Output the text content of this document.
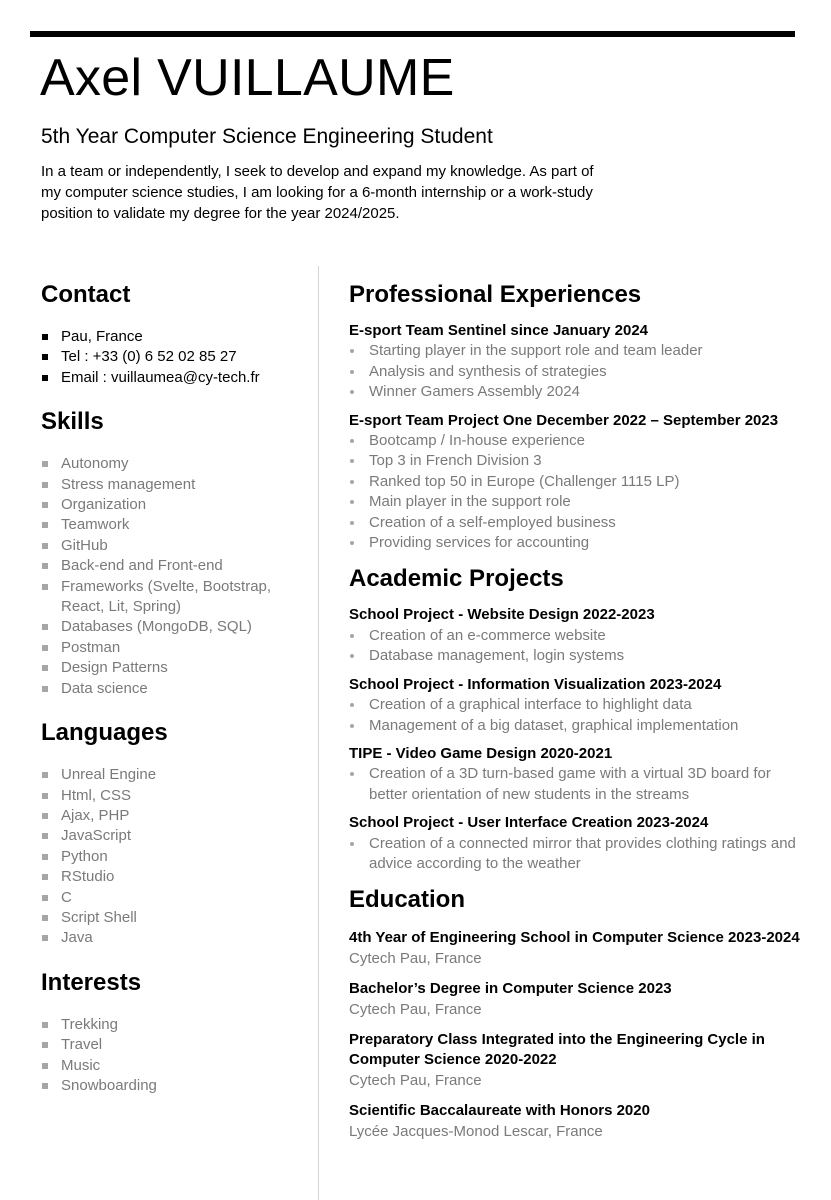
Axel VUILLAUME
5th Year Computer Science Engineering Student

In a team or independently, I seek to develop and expand my knowledge. As part of my computer science studies, I am looking for a 6-month internship or a work-study position to validate my degree for the year 2024/2025.

Contact
Pau, France
Tel : +33 (0) 6 52 02 85 27
Email : vuillaumea@cy-tech.fr
Skills
Autonomy
Stress management
Organization
Teamwork
GitHub
Back-end and Front-end
Frameworks (Svelte, Bootstrap, React, Lit, Spring)
Databases (MongoDB, SQL)
Postman
Design Patterns
Data science
Languages
Unreal Engine
Html, CSS
Ajax, PHP
JavaScript
Python
RStudio
C
Script Shell
Java
Interests
Trekking
Travel
Music
Snowboarding
Professional Experiences
E-sport Team Sentinel since January 2024
Starting player in the support role and team leader
Analysis and synthesis of strategies
Winner Gamers Assembly 2024
E-sport Team Project One December 2022 – September 2023
Bootcamp / In-house experience
Top 3 in French Division 3
Ranked top 50 in Europe (Challenger 1115 LP)
Main player in the support role
Creation of a self-employed business
Providing services for accounting
Academic Projects
School Project - Website Design 2022-2023
Creation of an e-commerce website
Database management, login systems
School Project - Information Visualization 2023-2024
Creation of a graphical interface to highlight data
Management of a big dataset, graphical implementation
TIPE - Video Game Design 2020-2021
Creation of a 3D turn-based game with a virtual 3D board for better orientation of new students in the streams
School Project - User Interface Creation 2023-2024
Creation of a connected mirror that provides clothing ratings and advice according to the weather
Education
4th Year of Engineering School in Computer Science 2023-2024
Cytech Pau, France
Bachelor’s Degree in Computer Science 2023
Cytech Pau, France
Preparatory Class Integrated into the Engineering Cycle in Computer Science 2020-2022
Cytech Pau, France
Scientific Baccalaureate with Honors 2020
Lycée Jacques-Monod Lescar, France
